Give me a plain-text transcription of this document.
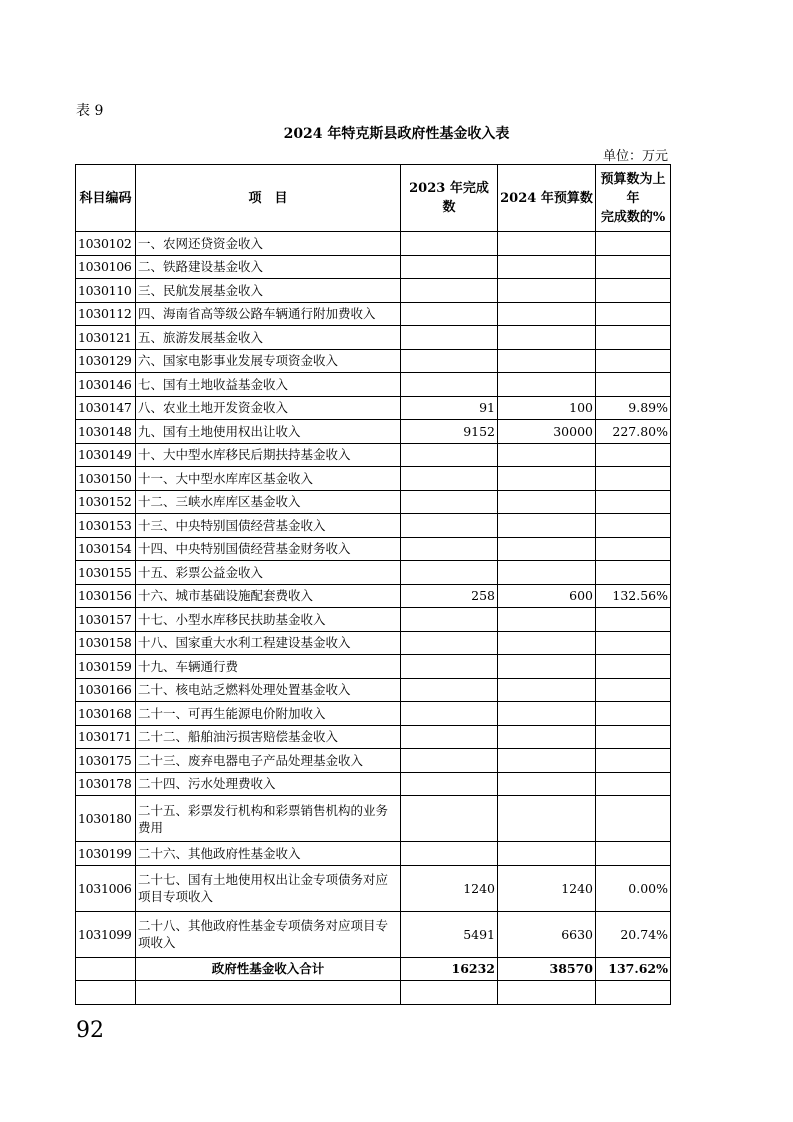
表 9
2024 年特克斯县政府性基金收入表
单位：万元
科目编码	项　目	2023 年完成数	2024 年预算数	预算数为上年
完成数的%
1030102	一、农网还贷资金收入			
1030106	二、铁路建设基金收入			
1030110	三、民航发展基金收入			
1030112	四、海南省高等级公路车辆通行附加费收入			
1030121	五、旅游发展基金收入			
1030129	六、国家电影事业发展专项资金收入			
1030146	七、国有土地收益基金收入			
1030147	八、农业土地开发资金收入	91	100	9.89%
1030148	九、国有土地使用权出让收入	9152	30000	227.80%
1030149	十、大中型水库移民后期扶持基金收入			
1030150	十一、大中型水库库区基金收入			
1030152	十二、三峡水库库区基金收入			
1030153	十三、中央特别国债经营基金收入			
1030154	十四、中央特别国债经营基金财务收入			
1030155	十五、彩票公益金收入			
1030156	十六、城市基础设施配套费收入	258	600	132.56%
1030157	十七、小型水库移民扶助基金收入			
1030158	十八、国家重大水利工程建设基金收入			
1030159	十九、车辆通行费			
1030166	二十、核电站乏燃料处理处置基金收入			
1030168	二十一、可再生能源电价附加收入			
1030171	二十二、船舶油污损害赔偿基金收入			
1030175	二十三、废弃电器电子产品处理基金收入			
1030178	二十四、污水处理费收入			
1030180	二十五、彩票发行机构和彩票销售机构的业务费用			
1030199	二十六、其他政府性基金收入			
1031006	二十七、国有土地使用权出让金专项债务对应项目专项收入	1240	1240	0.00%
1031099	二十八、其他政府性基金专项债务对应项目专项收入	5491	6630	20.74%
	政府性基金收入合计	16232	38570	137.62%

92
